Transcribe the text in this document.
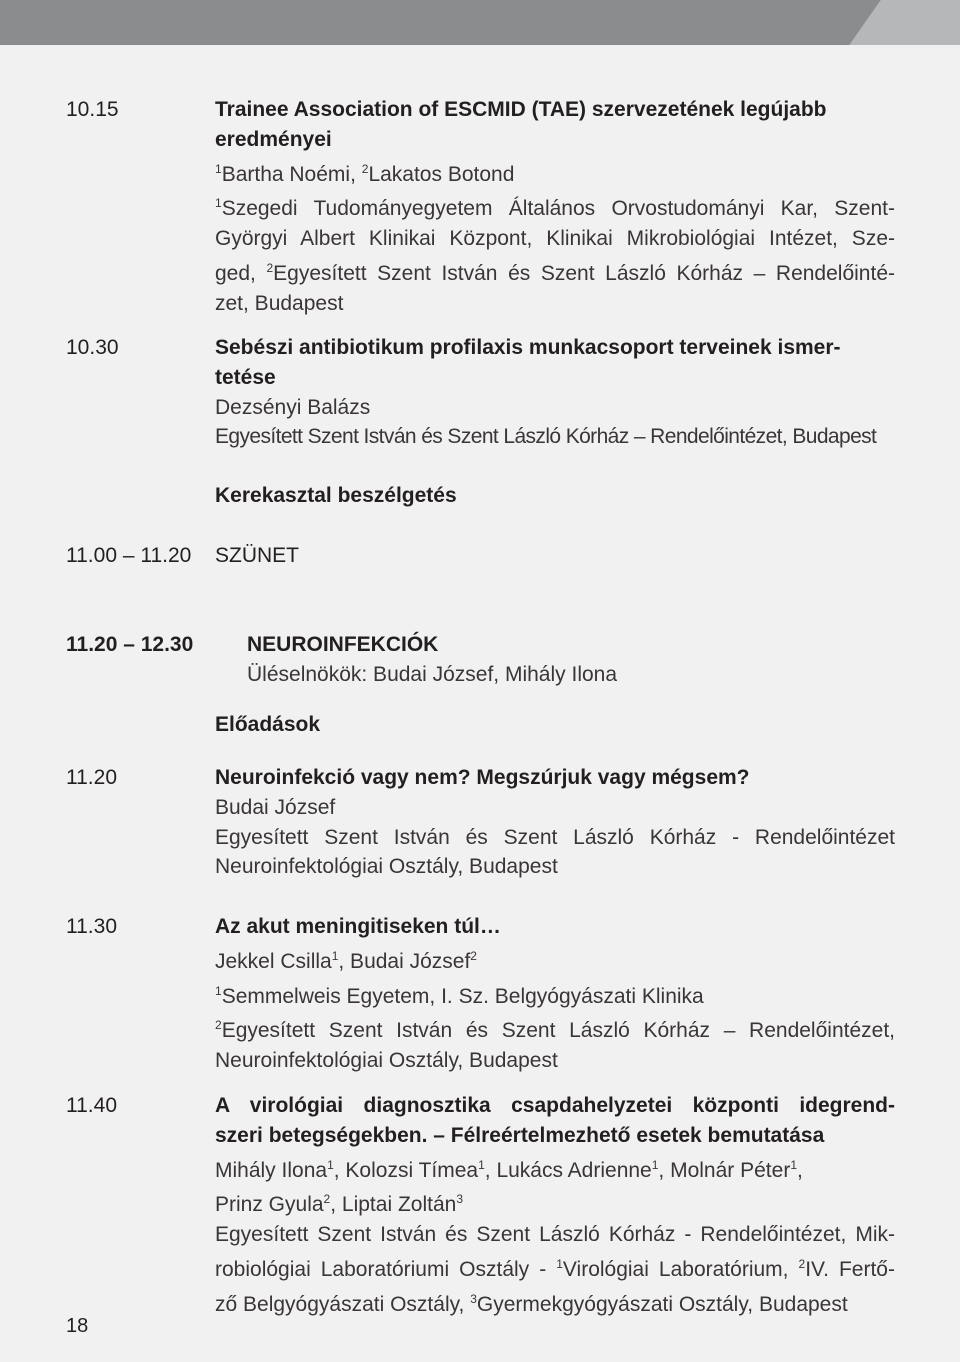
10.15	Trainee Association of ESCMID (TAE) szervezetének legújabb
eredményei
$^1$Bartha Noémi, $^2$Lakatos Botond
$^1$Szegedi Tudományegyetem Általános Orvostudományi Kar, Szent-
Györgyi Albert Klinikai Központ, Klinikai Mikrobiológiai Intézet, Sze-
ged, $^2$Egyesített Szent István és Szent László Kórház – Rendelőinté-
zet, Budapest
10.30	Sebészi antibiotikum profilaxis munkacsoport terveinek ismer-
tetése
Dezsényi Balázs
Egyesített Szent István és Szent László Kórház – Rendelőintézet, Budapest
Kerekasztal beszélgetés
11.00 – 11.20	SZÜNET
11.20 – 12.30	NEUROINFEKCIÓK
Üléselnökök: Budai József, Mihály Ilona
Előadások
11.20	Neuroinfekció vagy nem? Megszúrjuk vagy mégsem?
Budai József
Egyesített Szent István és Szent László Kórház - Rendelőintézet
Neuroinfektológiai Osztály, Budapest
11.30	Az akut meningitiseken túl…
Jekkel Csilla$^1$, Budai József$^2$
$^1$Semmelweis Egyetem, I. Sz. Belgyógyászati Klinika
$^2$Egyesített Szent István és Szent László Kórház – Rendelőintézet,
Neuroinfektológiai Osztály, Budapest
11.40	A virológiai diagnosztika csapdahelyzetei központi idegrend-
szeri betegségekben. – Félreértelmezhető esetek bemutatása
Mihály Ilona$^1$, Kolozsi Tímea$^1$, Lukács Adrienne$^1$, Molnár Péter$^1$,
Prinz Gyula$^2$, Liptai Zoltán$^3$
Egyesített Szent István és Szent László Kórház - Rendelőintézet, Mik-
robiológiai Laboratóriumi Osztály - $^1$Virológiai Laboratórium, $^2$IV. Fertő-
ző Belgyógyászati Osztály, $^3$Gyermekgyógyászati Osztály, Budapest
18
